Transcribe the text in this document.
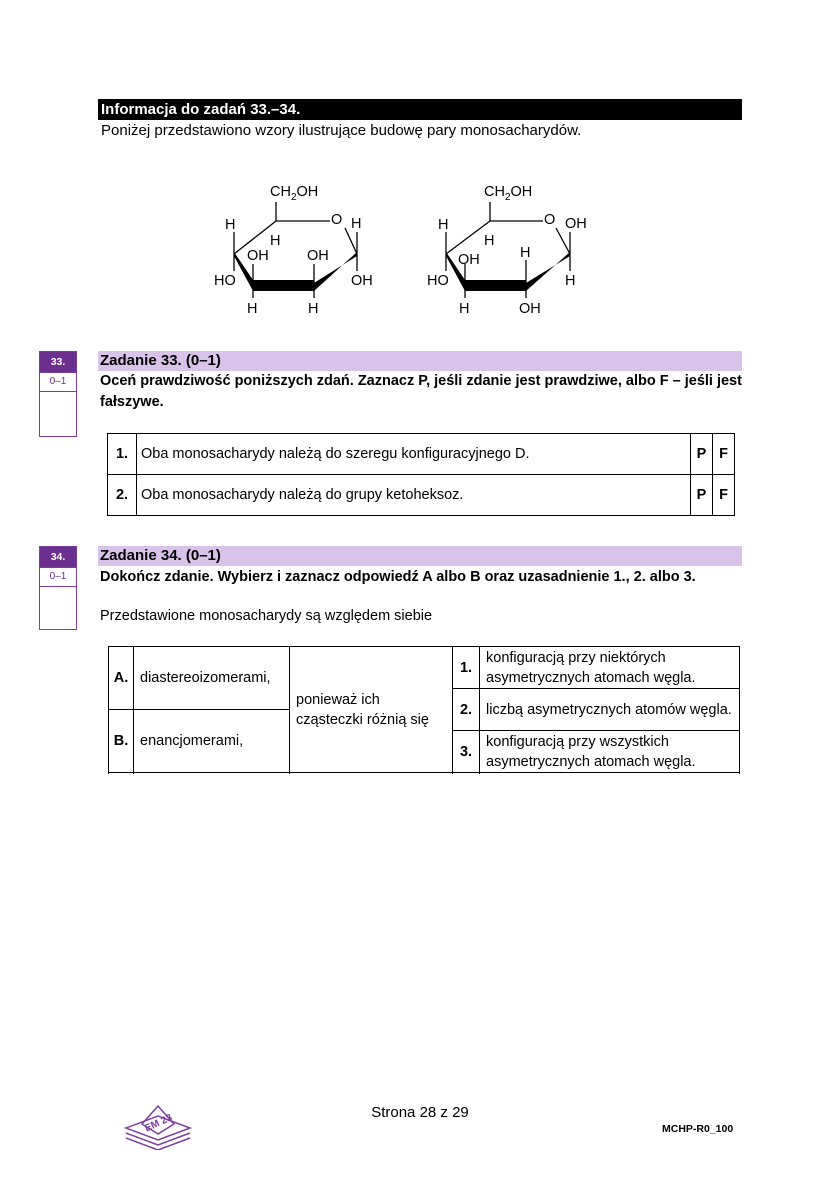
Informacja do zadań 33.–34.
Poniżej przedstawiono wzory ilustrujące budowę pary monosacharydów.
$CH_2OH$
O H
OH
H
HO
H
OH	OH
H	H
$CH_2OH$
O OH
H
H
HO
H
OH	H
H	OH
33.
0–1
Zadanie 33. (0–1)
Oceń prawdziwość poniższych zdań. Zaznacz P, jeśli zdanie jest prawdziwe, albo F – jeśli jest fałszywe.
1.	Oba monosacharydy należą do szeregu konfiguracyjnego D.	P	F
2.	Oba monosacharydy należą do grupy ketoheksoz.	P	F
34.
0–1
Zadanie 34. (0–1)
Dokończ zdanie. Wybierz i zaznacz odpowiedź A albo B oraz uzasadnienie 1., 2. albo 3.
Przedstawione monosacharydy są względem siebie
A.	diastereoizomerami,	ponieważ ich cząsteczki różnią się	1.	konfiguracją przy niektórych asymetrycznych atomach węgla.

			2.	liczbą asymetrycznych atomów węgla.
B.	enancjomerami,			
			3.	konfiguracją przy wszystkich asymetrycznych atomach węgla.

EM 23	Strona 28 z 29
MCHP-R0_100
